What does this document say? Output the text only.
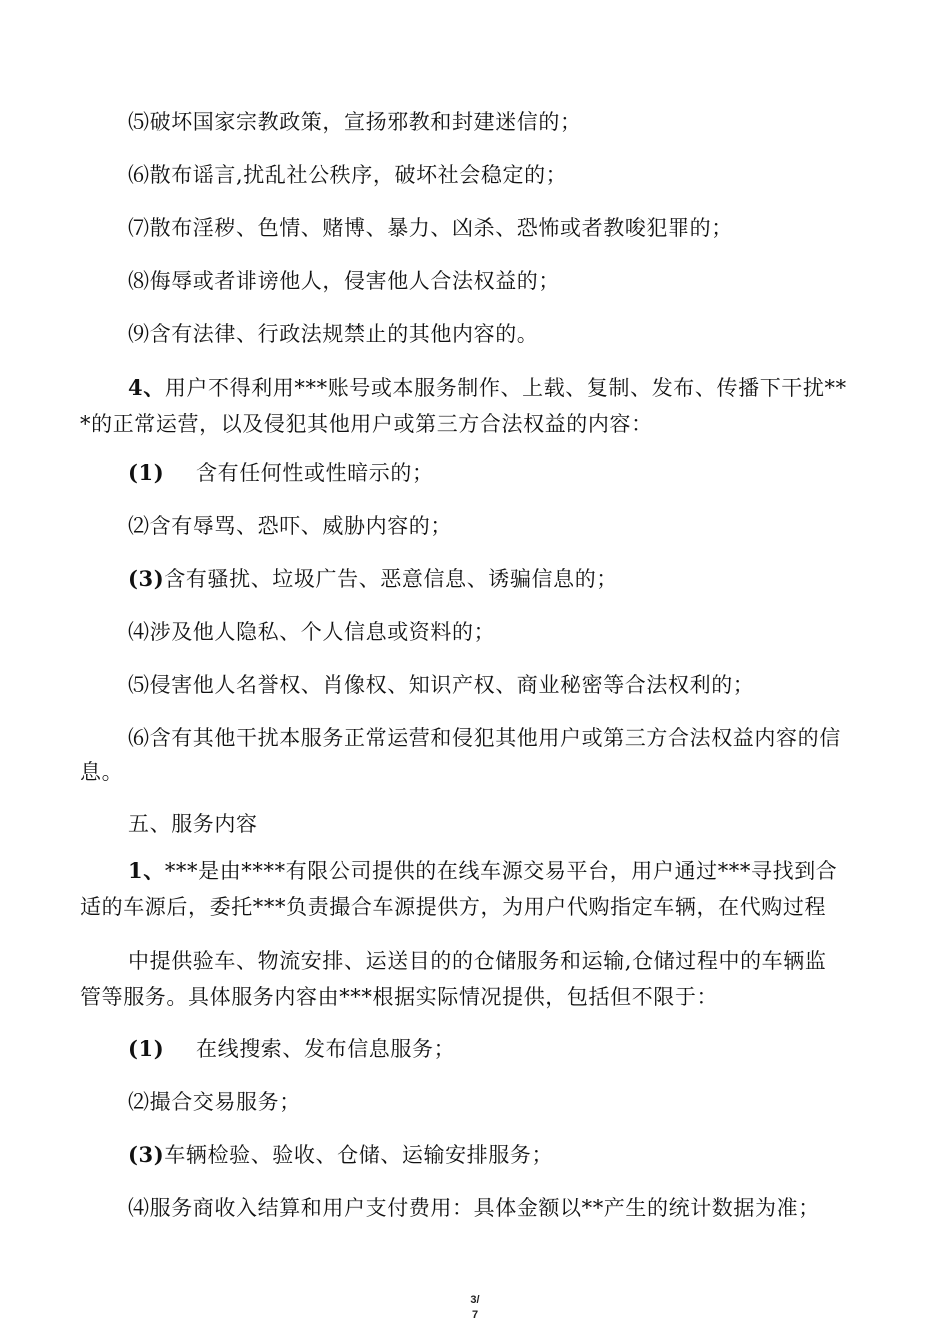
⑸破坏国家宗教政策，宣扬邪教和封建迷信的；
⑹散布谣言,扰乱社公秩序，破坏社会稳定的；
⑺散布淫秽、色情、赌博、暴力、凶杀、恐怖或者教唆犯罪的；
⑻侮辱或者诽谤他人，侵害他人合法权益的；
⑼含有法律、行政法规禁止的其他内容的。
4、用户不得利用***账号或本服务制作、上载、复制、发布、传播下干扰**
*的正常运营，以及侵犯其他用户或第三方合法权益的内容：
(1) 含有任何性或性暗示的；
⑵含有辱骂、恐吓、威胁内容的；
(3)含有骚扰、垃圾广告、恶意信息、诱骗信息的；
⑷涉及他人隐私、个人信息或资料的；
⑸侵害他人名誉权、肖像权、知识产权、商业秘密等合法权利的；
⑹含有其他干扰本服务正常运营和侵犯其他用户或第三方合法权益内容的信
息。
五、服务内容
1、***是由****有限公司提供的在线车源交易平台，用户通过***寻找到合
适的车源后，委托***负责撮合车源提供方，为用户代购指定车辆，在代购过程
中提供验车、物流安排、运送目的的仓储服务和运输,仓储过程中的车辆监
管等服务。具体服务内容由***根据实际情况提供，包括但不限于：
(1) 在线搜索、发布信息服务；
⑵撮合交易服务；
(3)车辆检验、验收、仓储、运输安排服务；
⑷服务商收入结算和用户支付费用：具体金额以**产生的统计数据为准；
3/
7
